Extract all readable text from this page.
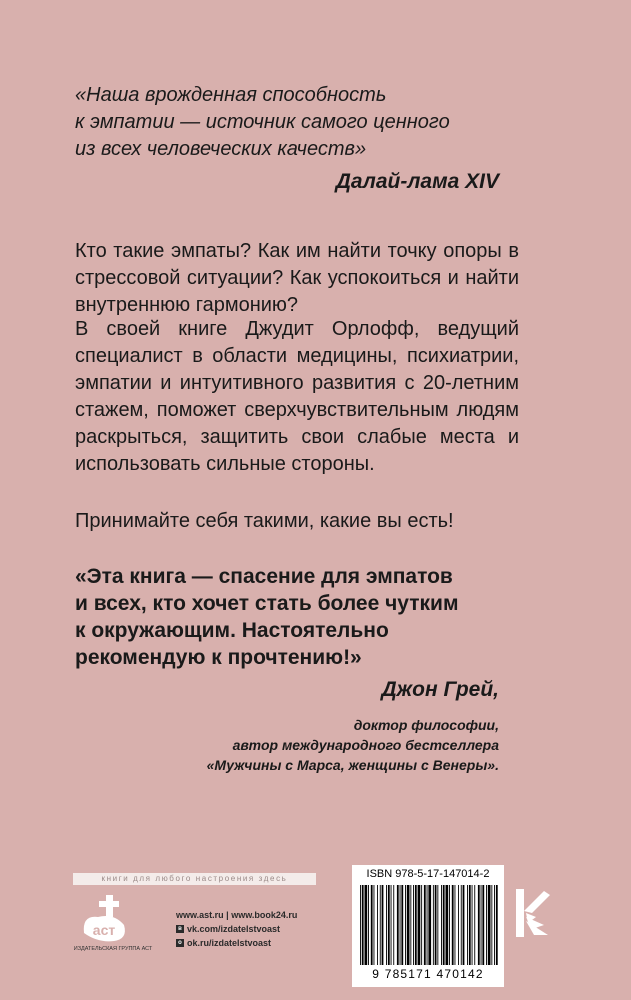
«Наша врожденная способность
к эмпатии — источник самого ценного
из всех человеческих качеств»
Далай-лама XIV
Кто такие эмпаты? Как им найти точку опоры в стрессовой ситуации? Как успокоиться и найти внутреннюю гармонию?
В своей книге Джудит Орлофф, ведущий специалист в области медицины, психиатрии, эмпатии и интуитивного развития с 20-летним стажем, поможет сверхчувствительным людям раскрыться, защитить свои слабые места и использовать сильные стороны.
Принимайте себя такими, какие вы есть!
«Эта книга — спасение для эмпатов
и всех, кто хочет стать более чутким
к окружающим. Настоятельно
рекомендую к прочтению!»
Джон Грей,
доктор философии,
автор международного бестселлера
«Мужчины с Марса, женщины с Венеры».
книги для любого настроения здесь
аст
ИЗДАТЕЛЬСКАЯ ГРУППА АСТ
www.ast.ru | www.book24.ru
в vk.com/izdatelstvoast
о ok.ru/izdatelstvoast
ISBN 978-5-17-147014-2
9 785171 470142
